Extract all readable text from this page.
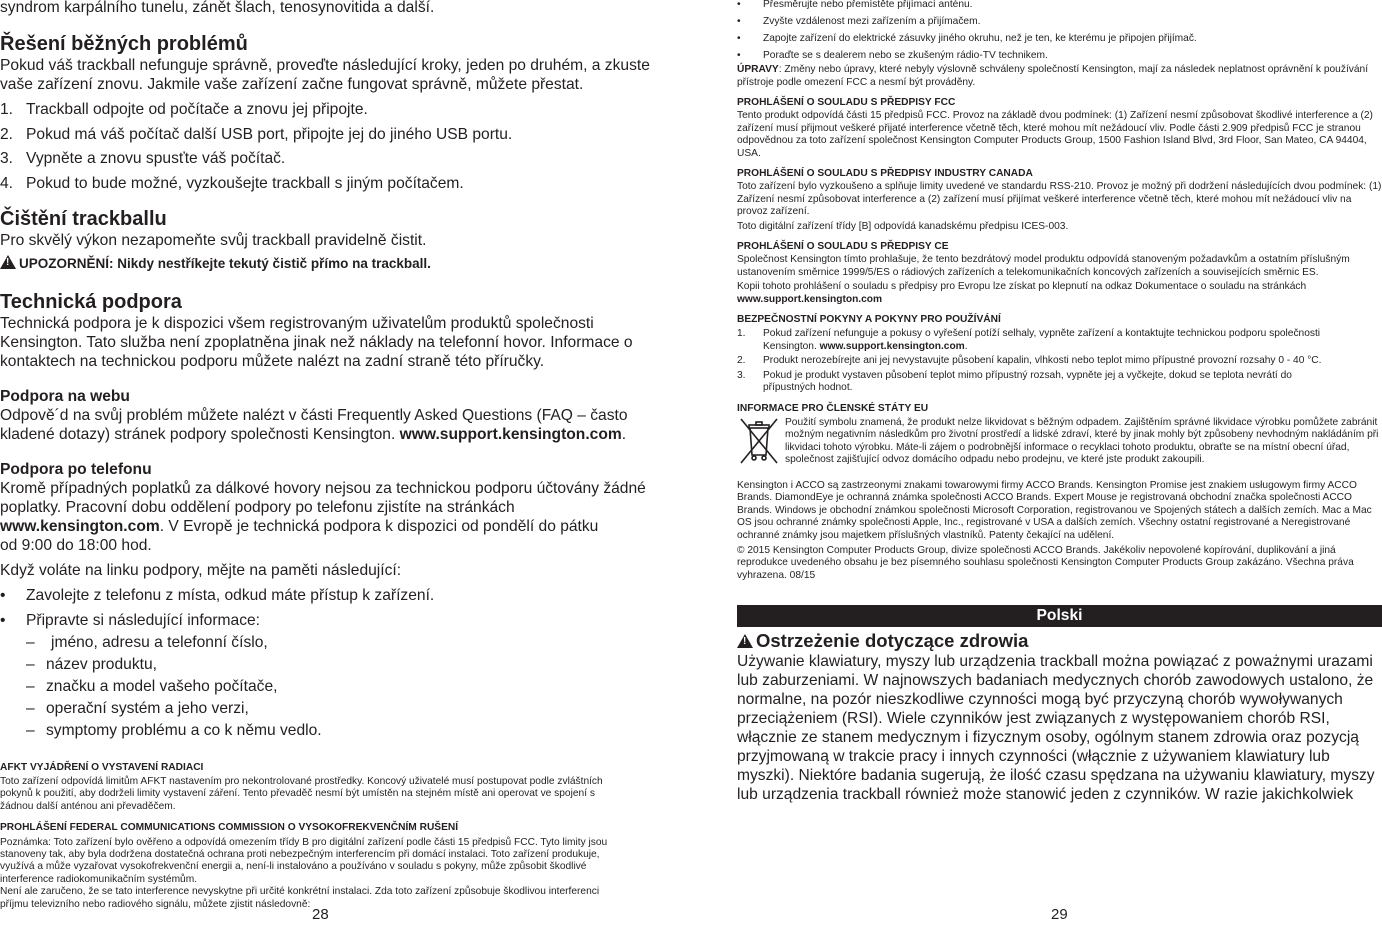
syndrom karpálního tunelu, zánět šlach, tenosynovitida a další.

Řešení běžných problémů

Pokud váš trackball nefunguje správně, proveďte následující kroky, jeden po druhém, a zkuste vaše zařízení znovu. Jakmile vaše zařízení začne fungovat správně, můžete přestat.

1. Trackball odpojte od počítače a znovu jej připojte.
2. Pokud má váš počítač další USB port, připojte jej do jiného USB portu.
3. Vypněte a znovu spusťte váš počítač.
4. Pokud to bude možné, vyzkoušejte trackball s jiným počítačem.
Čištění trackballu

Pro skvělý výkon nezapomeňte svůj trackball pravidelně čistit.

!UPOZORNĚNÍ: Nikdy nestříkejte tekutý čistič přímo na trackball.

Technická podpora

Technická podpora je k dispozici všem registrovaným uživatelům produktů společnosti Kensington. Tato služba není zpoplatněna jinak než náklady na telefonní hovor. Informace o kontaktech na technickou podporu můžete nalézt na zadní straně této příručky.

Podpora na webu

Odpově´d na svůj problém můžete nalézt v části Frequently Asked Questions (FAQ – často kladené dotazy) stránek podpory společnosti Kensington. www.support.kensington.com.

Podpora po telefonu

Kromě případných poplatků za dálkové hovory nejsou za technickou podporu účtovány žádné poplatky. Pracovní dobu oddělení podpory po telefonu zjistíte na stránkách
www.kensington.com. V Evropě je technická podpora k dispozici od pondělí do pátku
od 9:00 do 18:00 hod.

Když voláte na linku podpory, mějte na paměti následující:

•	Zavolejte z telefonu z místa, odkud máte přístup k zařízení.
•	Připravte si následující informace:
–	jméno, adresu a telefonní číslo,
– název produktu,
– značku a model vašeho počítače,
– operační systém a jeho verzi,
– symptomy problému a co k němu vedlo.

AFKT VYJÁDŘENÍ O VYSTAVENÍ RADIACI

Toto zařízení odpovídá limitům AFKT nastavením pro nekontrolované prostředky. Koncový uživatelé musí postupovat podle zvláštních pokynů k použití, aby dodrželi limity vystavení záření. Tento převaděč nesmí být umístěn na stejném místě ani operovat ve spojení s žádnou další anténou ani převaděčem.

PROHLÁŠENÍ FEDERAL COMMUNICATIONS COMMISSION O VYSOKOFREKVENČNÍM RUŠENÍ

Poznámka: Toto zařízení bylo ověřeno a odpovídá omezením třídy B pro digitální zařízení podle části 15 předpisů FCC. Tyto limity jsou stanoveny tak, aby byla dodržena dostatečná ochrana proti nebezpečným interferencím při domácí instalaci. Toto zařízení produkuje, využívá a může vyzařovat vysokofrekvenční energii a, není-li instalováno a používáno v souladu s pokyny, může způsobit škodlivé interference radiokomunikačním systémům.

Není ale zaručeno, že se tato interference nevyskytne při určité konkrétní instalaci. Zda toto zařízení způsobuje škodlivou interferenci příjmu televizního nebo radiového signálu, můžete zjistit následovně:

28
•	Přesměrujte nebo přemístěte přijímací anténu.
•	Zvyšte vzdálenost mezi zařízením a přijímačem.
•	Zapojte zařízení do elektrické zásuvky jiného okruhu, než je ten, ke kterému je připojen přijímač.
•	Poraďte se s dealerem nebo se zkušeným rádio-TV technikem.

ÚPRAVY: Změny nebo úpravy, které nebyly výslovně schváleny společností Kensington, mají za následek neplatnost oprávnění k používání přístroje podle omezení FCC a nesmí být prováděny.

PROHLÁŠENÍ O SOULADU S PŘEDPISY FCC

Tento produkt odpovídá části 15 předpisů FCC. Provoz na základě dvou podmínek: (1) Zařízení nesmí způsobovat škodlivé interference a (2) zařízení musí přijmout veškeré přijaté interference včetně těch, které mohou mít nežádoucí vliv. Podle části 2.909 předpisů FCC je stranou odpovědnou za toto zařízení společnost Kensington Computer Products Group, 1500 Fashion Island Blvd, 3rd Floor, San Mateo, CA 94404, USA.

PROHLÁŠENÍ O SOULADU S PŘEDPISY INDUSTRY CANADA

Toto zařízení bylo vyzkoušeno a splňuje limity uvedené ve standardu RSS-210. Provoz je možný při dodržení následujících dvou podmínek: (1) Zařízení nesmí způsobovat interference a (2) zařízení musí přijímat veškeré interference včetně těch, které mohou mít nežádoucí vliv na provoz zařízení.

Toto digitální zařízení třídy [B] odpovídá kanadskému předpisu ICES-003.

PROHLÁŠENÍ O SOULADU S PŘEDPISY CE

Společnost Kensington tímto prohlašuje, že tento bezdrátový model produktu odpovídá stanoveným požadavkům a ostatním příslušným ustanovením směrnice 1999/5/ES o rádiových zařízeních a telekomunikačních koncových zařízeních a souvisejících směrnic ES.

Kopii tohoto prohlášení o souladu s předpisy pro Evropu lze získat po klepnutí na odkaz Dokumentace o souladu na stránkách
www.support.kensington.com

BEZPEČNOSTNÍ POKYNY A POKYNY PRO POUŽÍVÁNÍ

1.	Pokud zařízení nefunguje a pokusy o vyřešení potíží selhaly, vypněte zařízení a kontaktujte technickou podporu společnosti Kensington. www.support.kensington.com.
2.	Produkt nerozebírejte ani jej nevystavujte působení kapalin, vlhkosti nebo teplot mimo přípustné provozní rozsahy 0 - 40 °C.
3.	Pokud je produkt vystaven působení teplot mimo přípustný rozsah, vypněte jej a vyčkejte, dokud se teplota nevrátí do přípustných hodnot.

INFORMACE PRO ČLENSKÉ STÁTY EU

Použití symbolu znamená, že produkt nelze likvidovat s běžným odpadem. Zajištěním správné likvidace výrobku pomůžete zabránit možným negativním následkům pro životní prostředí a lidské zdraví, které by jinak mohly být způsobeny nevhodným nakládáním při likvidaci tohoto výrobku. Máte-li zájem o podrobnější informace o recyklaci tohoto produktu, obraťte se na místní obecní úřad, společnost zajišťující odvoz domácího odpadu nebo prodejnu, ve které jste produkt zakoupili.

Kensington i ACCO są zastrzeonymi znakami towarowymi firmy ACCO Brands. Kensington Promise jest znakiem usługowym firmy ACCO Brands. DiamondEye je ochranná známka společnosti ACCO Brands. Expert Mouse je registrovaná obchodní značka společnosti ACCO Brands. Windows je obchodní známkou společnosti Microsoft Corporation, registrovanou ve Spojených státech a dalších zemích. Mac a Mac OS jsou ochranné známky společnosti Apple, Inc., registrované v USA a dalších zemích. Všechny ostatní registrované a Neregistrované ochranné známky jsou majetkem příslušných vlastníků. Patenty čekající na udělení.

© 2015 Kensington Computer Products Group, divize společnosti ACCO Brands. Jakékoliv nepovolené kopírování, duplikování a jiná reprodukce uvedeného obsahu je bez písemného souhlasu společnosti Kensington Computer Products Group zakázáno. Všechna práva vyhrazena. 08/15

Polski
!Ostrzeżenie dotyczące zdrowia

Używanie klawiatury, myszy lub urządzenia trackball można powiązać z poważnymi urazami lub zaburzeniami. W najnowszych badaniach medycznych chorób zawodowych ustalono, że normalne, na pozór nieszkodliwe czynności mogą być przyczyną chorób wywoływanych przeciążeniem (RSI). Wiele czynników jest związanych z występowaniem chorób RSI, włącznie ze stanem medycznym i fizycznym osoby, ogólnym stanem zdrowia oraz pozycją przyjmowaną w trakcie pracy i innych czynności (włącznie z używaniem klawiatury lub myszki). Niektóre badania sugerują, że ilość czasu spędzana na używaniu klawiatury, myszy lub urządzenia trackball również może stanowić jeden z czynników. W razie jakichkolwiek

29
